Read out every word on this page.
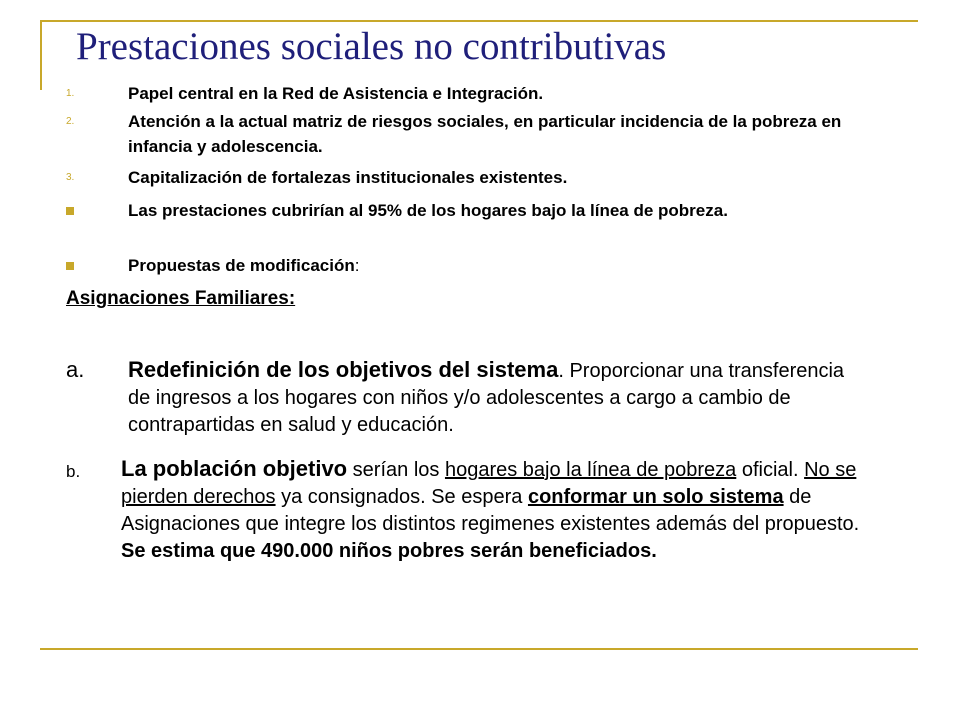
Prestaciones sociales no contributivas
1.	Papel central en la Red de Asistencia e Integración.
2.	Atención a la actual matriz de riesgos sociales, en particular incidencia de la pobreza en infancia y adolescencia.
3.	Capitalización de fortalezas institucionales existentes.
Las prestaciones cubrirían al 95% de los hogares bajo la línea de pobreza.
Propuestas de modificación:
Asignaciones Familiares:
a. Redefinición de los objetivos del sistema. Proporcionar una transferencia de ingresos a los hogares con niños y/o adolescentes a cargo a cambio de contrapartidas en salud y educación.
b. La población objetivo serían los hogares bajo la línea de pobreza oficial. No se pierden derechos ya consignados. Se espera conformar un solo sistema de Asignaciones que integre los distintos regimenes existentes además del propuesto. Se estima que 490.000 niños pobres serán beneficiados.
